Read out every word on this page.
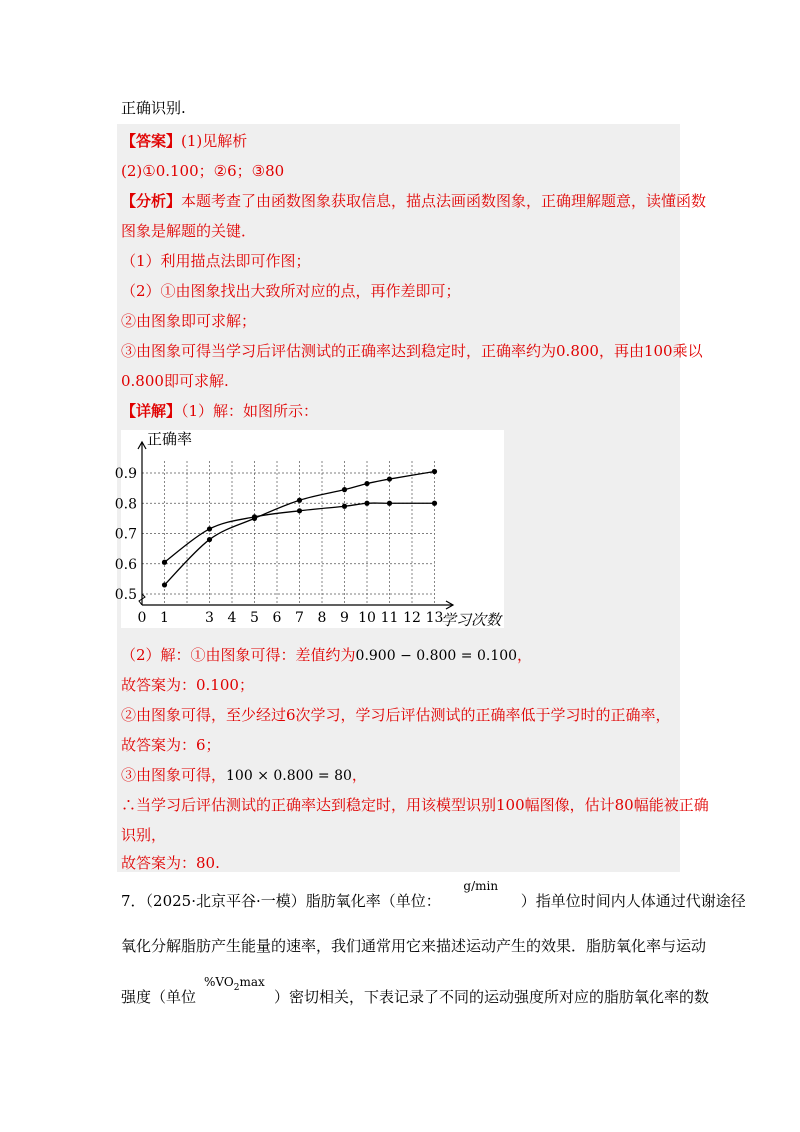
正确识别.
【答案】(1)见解析
(2)①0.100；②6；③80
【分析】本题考查了由函数图象获取信息，描点法画函数图象，正确理解题意，读懂函数
图象是解题的关键．
（1）利用描点法即可作图；
（2）①由图象找出大致所对应的点，再作差即可；
②由图象即可求解；
③由图象可得当学习后评估测试的正确率达到稳定时，正确率约为0.800，再由100乘以
0.800即可求解.
【详解】（1）解：如图所示：
0 1	3 4 5 6 7 8 9 10 11 12 13
0.5
0.6
0.7
0.8
0.9
正确率
学习次数
（2）解：①由图象可得：差值约为0.900 − 0.800 = 0.100，
故答案为：0.100；
②由图象可得，至少经过6次学习，学习后评估测试的正确率低于学习时的正确率，
故答案为：6；
③由图象可得，100 × 0.800 = 80，
∴当学习后评估测试的正确率达到稳定时，用该模型识别100幅图像，估计80幅能被正确
识别，
故答案为：80.
7．（2025·北京平谷·一模）脂肪氧化率（单位：g/min）指单位时间内人体通过代谢途径
氧化分解脂肪产生能量的速率，我们通常用它来描述运动产生的效果．脂肪氧化率与运动
强度（单位$\%VO_2\max$）密切相关，下表记录了不同的运动强度所对应的脂肪氧化率的数
